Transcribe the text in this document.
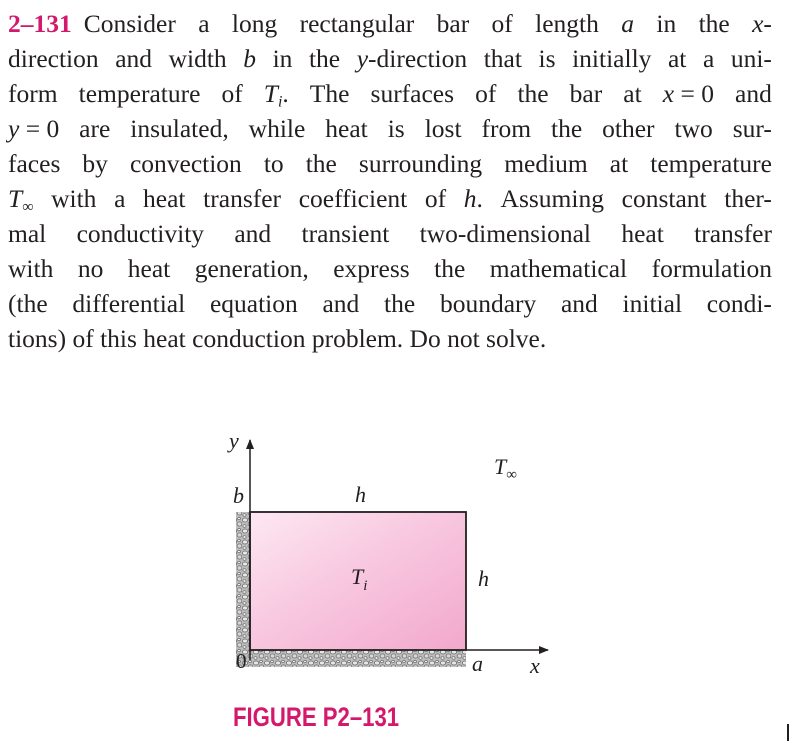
2–131 Consider a long rectangular bar of length a in the x-
direction and width b in the y-direction that is initially at a uni-
form temperature of $T_i$. The surfaces of the bar at x = 0 and
y = 0 are insulated, while heat is lost from the other two sur-
faces by convection to the surrounding medium at temperature
$T_\infty$ with a heat transfer coefficient of h. Assuming constant ther-
mal conductivity and transient two-dimensional heat transfer
with no heat generation, express the mathematical formulation
(the differential equation and the boundary and initial condi-
tions) of this heat conduction problem. Do not solve.
y
x
b
0	a
h
h
$T_\infty$
$T_i$
FIGURE P2–131
